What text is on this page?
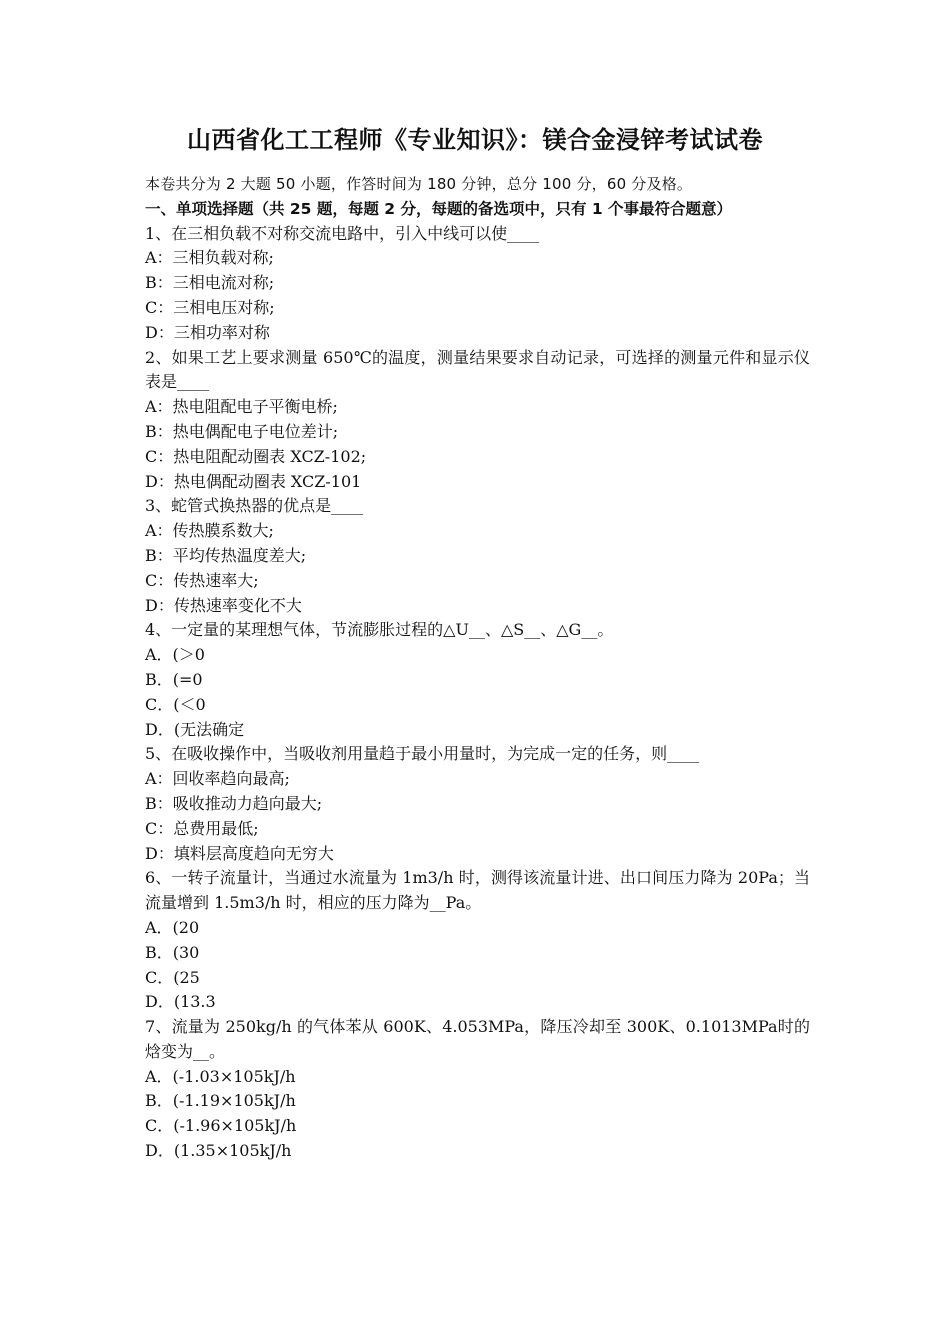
山西省化工工程师《专业知识》：镁合金浸锌考试试卷
本卷共分为 2 大题 50 小题，作答时间为 180 分钟，总分 100 分，60 分及格。
一、单项选择题（共 25 题，每题 2 分，每题的备选项中，只有 1 个事最符合题意）

1、在三相负载不对称交流电路中，引入中线可以使____

A：三相负载对称;

B：三相电流对称;

C：三相电压对称;

D：三相功率对称

2、如果工艺上要求测量 650℃的温度，测量结果要求自动记录，可选择的测量元件和显示仪表是____

A：热电阻配电子平衡电桥;

B：热电偶配电子电位差计;

C：热电阻配动圈表 XCZ-102;

D：热电偶配动圈表 XCZ-101

3、蛇管式换热器的优点是____

A：传热膜系数大;

B：平均传热温度差大;

C：传热速率大;

D：传热速率变化不大

4、一定量的某理想气体，节流膨胀过程的△U__、△S__、△G__。

A．(＞0

B．(=0

C．(＜0

D．(无法确定

5、在吸收操作中，当吸收剂用量趋于最小用量时，为完成一定的任务，则____

A：回收率趋向最高;

B：吸收推动力趋向最大;

C：总费用最低;

D：填料层高度趋向无穷大

6、一转子流量计，当通过水流量为 1m3/h 时，测得该流量计进、出口间压力降为 20Pa；当流量增到 1.5m3/h 时，相应的压力降为__Pa。

A．(20

B．(30

C．(25

D．(13.3

7、流量为 250kg/h 的气体苯从 600K、4.053MPa，降压冷却至 300K、0.1013MPa时的焓变为__。

A．(-1.03×105kJ/h

B．(-1.19×105kJ/h

C．(-1.96×105kJ/h

D．(1.35×105kJ/h
